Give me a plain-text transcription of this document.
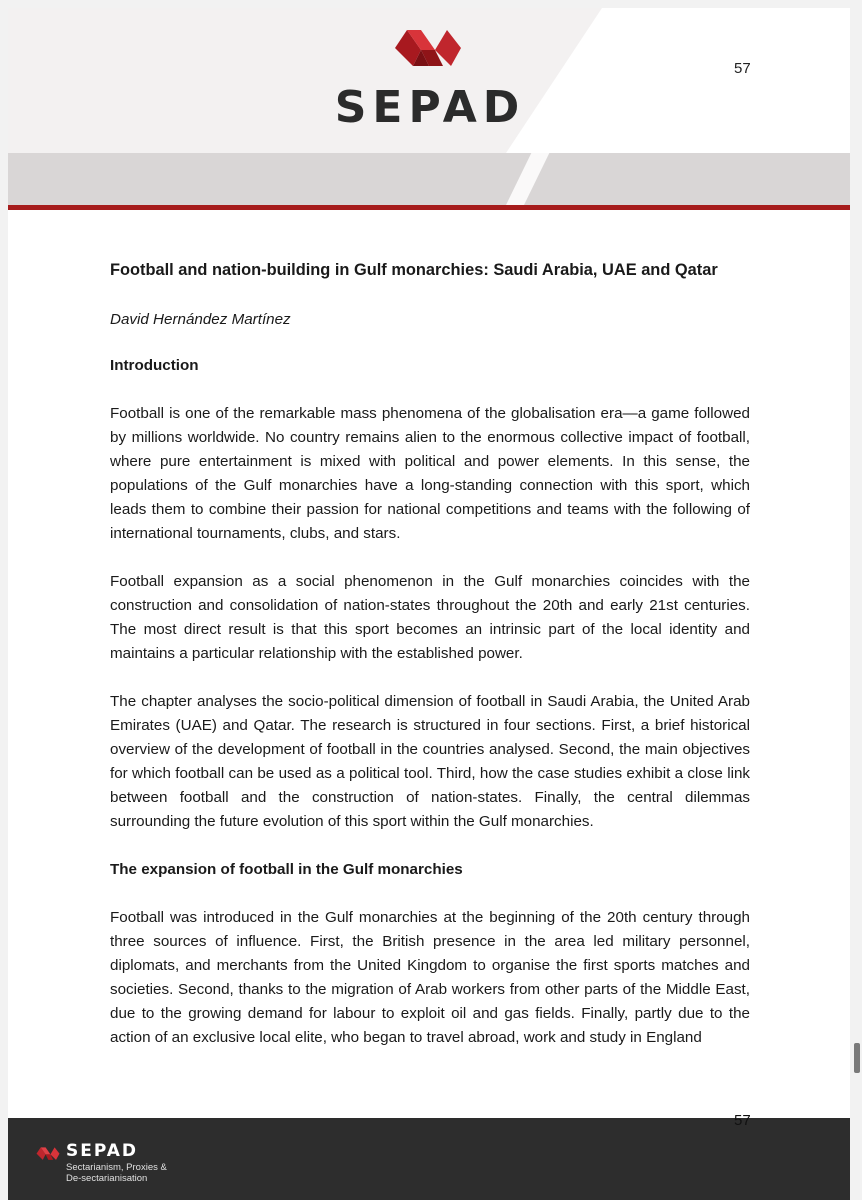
SEPAD
57
Football and nation-building in Gulf monarchies: Saudi Arabia, UAE and Qatar
David Hernández Martínez
Introduction

Football is one of the remarkable mass phenomena of the globalisation era—a game followed by millions worldwide. No country remains alien to the enormous collective impact of football, where pure entertainment is mixed with political and power elements. In this sense, the populations of the Gulf monarchies have a long-standing connection with this sport, which leads them to combine their passion for national competitions and teams with the following of international tournaments, clubs, and stars.

Football expansion as a social phenomenon in the Gulf monarchies coincides with the construction and consolidation of nation-states throughout the 20th and early 21st centuries. The most direct result is that this sport becomes an intrinsic part of the local identity and maintains a particular relationship with the established power.

The chapter analyses the socio-political dimension of football in Saudi Arabia, the United Arab Emirates (UAE) and Qatar. The research is structured in four sections. First, a brief historical overview of the development of football in the countries analysed. Second, the main objectives for which football can be used as a political tool. Third, how the case studies exhibit a close link between football and the construction of nation-states. Finally, the central dilemmas surrounding the future evolution of this sport within the Gulf monarchies.

The expansion of football in the Gulf monarchies

Football was introduced in the Gulf monarchies at the beginning of the 20th century through three sources of influence. First, the British presence in the area led military personnel, diplomats, and merchants from the United Kingdom to organise the first sports matches and societies. Second, thanks to the migration of Arab workers from other parts of the Middle East, due to the growing demand for labour to exploit oil and gas fields. Finally, partly due to the action of an exclusive local elite, who began to travel abroad, work and study in England

57
SEPAD
Sectarianism, Proxies &
De-sectarianisation
